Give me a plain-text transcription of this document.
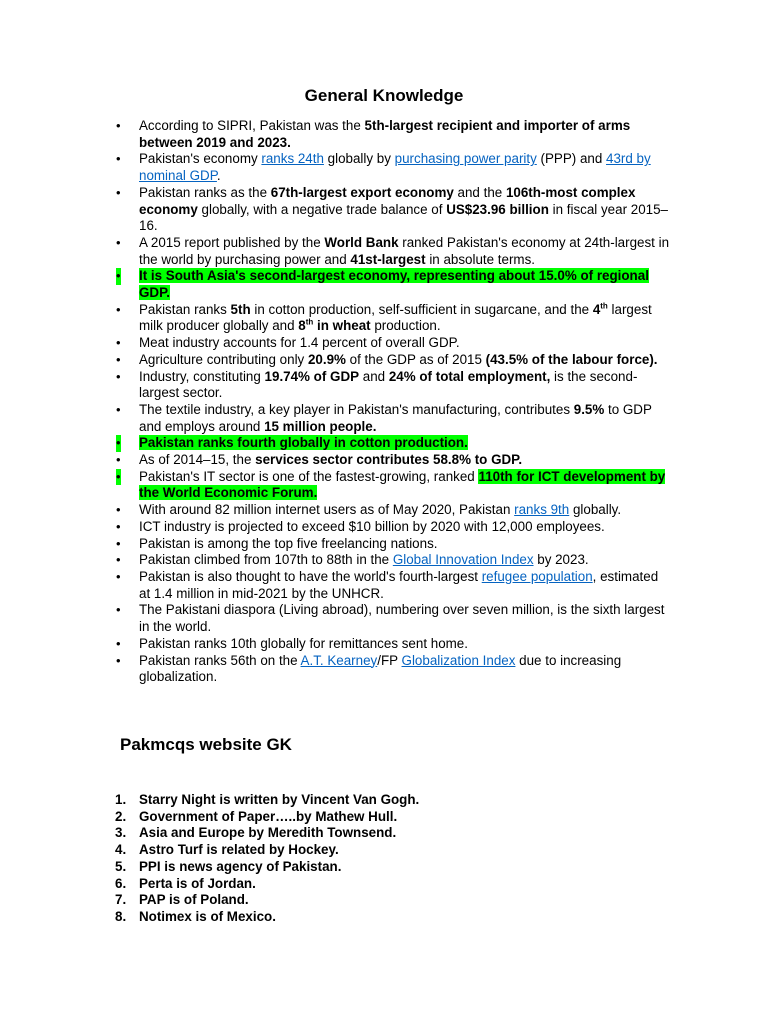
General Knowledge
• According to SIPRI, Pakistan was the 5th-largest recipient and importer of arms between 2019 and 2023.
• Pakistan's economy ranks 24th globally by purchasing power parity (PPP) and 43rd by nominal GDP.
• Pakistan ranks as the 67th-largest export economy and the 106th-most complex economy globally, with a negative trade balance of US$23.96 billion in fiscal year 2015–16.
• A 2015 report published by the World Bank ranked Pakistan's economy at 24th-largest in the world by purchasing power and 41st-largest in absolute terms.
• It is South Asia's second-largest economy, representing about 15.0% of regional GDP.
• Pakistan ranks 5th in cotton production, self-sufficient in sugarcane, and the 4th largest milk producer globally and 8th in wheat production.
• Meat industry accounts for 1.4 percent of overall GDP.
• Agriculture contributing only 20.9% of the GDP as of 2015 (43.5% of the labour force).
• Industry, constituting 19.74% of GDP and 24% of total employment, is the second-largest sector.
• The textile industry, a key player in Pakistan's manufacturing, contributes 9.5% to GDP and employs around 15 million people.
• Pakistan ranks fourth globally in cotton production.
• As of 2014–15, the services sector contributes 58.8% to GDP.
• Pakistan's IT sector is one of the fastest-growing, ranked 110th for ICT development by the World Economic Forum.
• With around 82 million internet users as of May 2020, Pakistan ranks 9th globally.
• ICT industry is projected to exceed $10 billion by 2020 with 12,000 employees.
• Pakistan is among the top five freelancing nations.
• Pakistan climbed from 107th to 88th in the Global Innovation Index by 2023.
• Pakistan is also thought to have the world's fourth-largest refugee population, estimated at 1.4 million in mid-2021 by the UNHCR.
• The Pakistani diaspora (Living abroad), numbering over seven million, is the sixth largest in the world.
• Pakistan ranks 10th globally for remittances sent home.
• Pakistan ranks 56th on the A.T. Kearney/FP Globalization Index due to increasing globalization.
Pakmcqs website GK
1. Starry Night is written by Vincent Van Gogh.
2. Government of Paper…..by Mathew Hull.
3. Asia and Europe by Meredith Townsend.
4. Astro Turf is related by Hockey.
5. PPI is news agency of Pakistan.
6. Perta is of Jordan.
7. PAP is of Poland.
8. Notimex is of Mexico.
